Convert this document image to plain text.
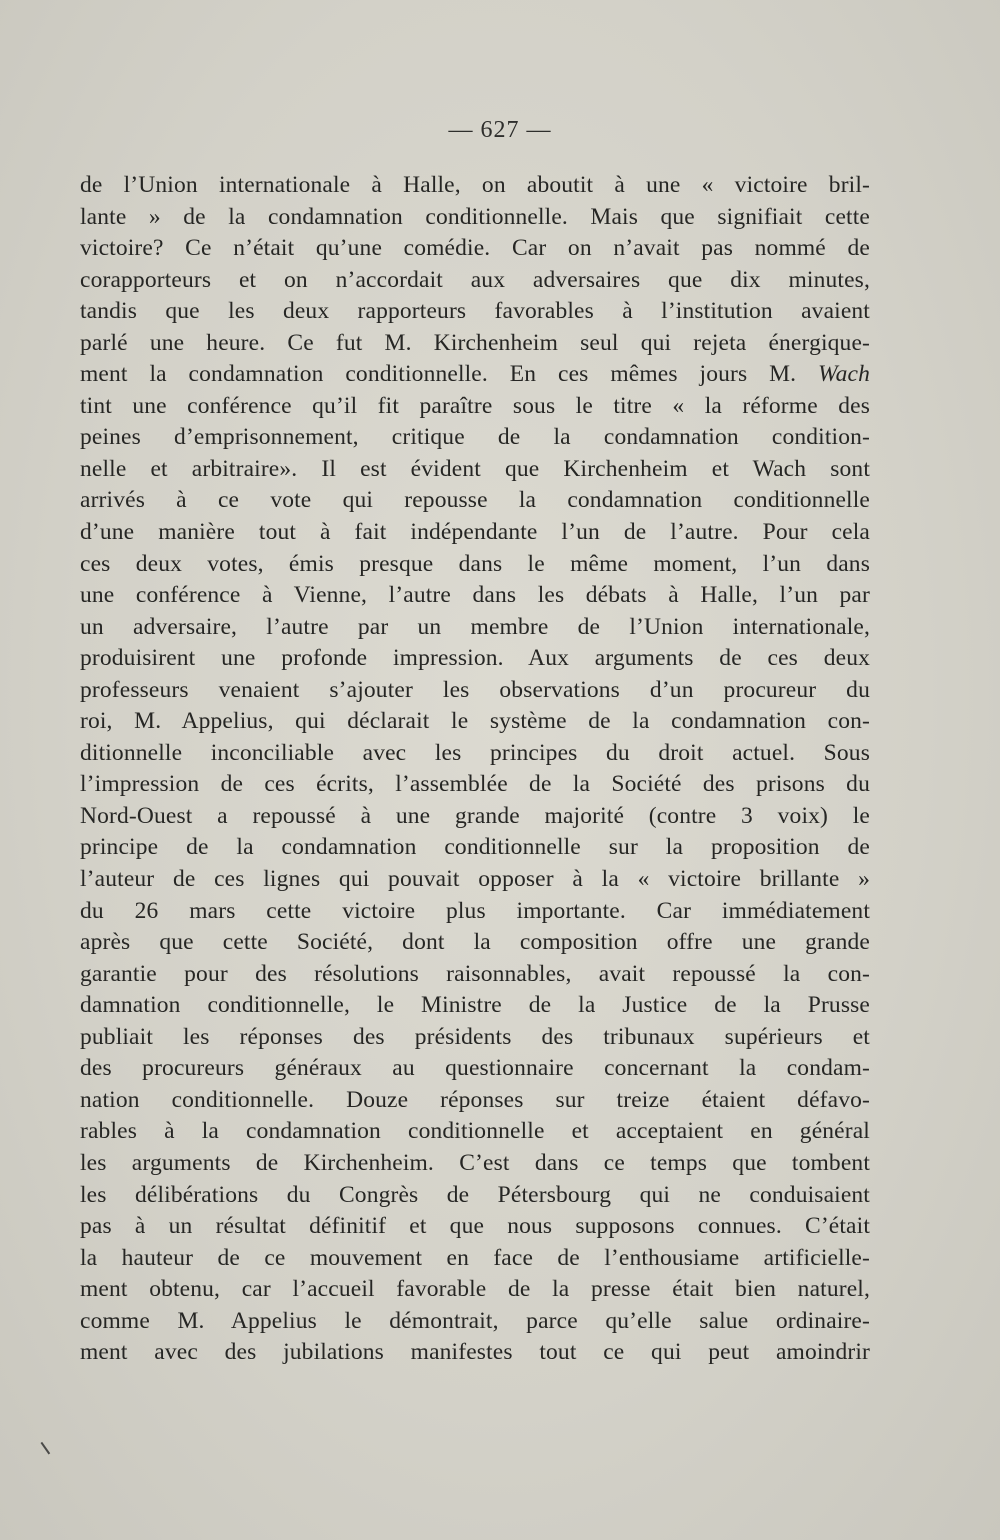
— 627 —
de l’Union internationale à Halle, on aboutit à une « victoire bril-
lante » de la condamnation conditionnelle. Mais que signifiait cette
victoire? Ce n’était qu’une comédie. Car on n’avait pas nommé de
corapporteurs et on n’accordait aux adversaires que dix minutes,
tandis que les deux rapporteurs favorables à l’institution avaient
parlé une heure. Ce fut M. Kirchenheim seul qui rejeta énergique-
ment la condamnation conditionnelle. En ces mêmes jours M. Wach
tint une conférence qu’il fit paraître sous le titre « la réforme des
peines d’emprisonnement, critique de la condamnation condition-
nelle et arbitraire». Il est évident que Kirchenheim et Wach sont
arrivés à ce vote qui repousse la condamnation conditionnelle
d’une manière tout à fait indépendante l’un de l’autre. Pour cela
ces deux votes, émis presque dans le même moment, l’un dans
une conférence à Vienne, l’autre dans les débats à Halle, l’un par
un adversaire, l’autre par un membre de l’Union internationale,
produisirent une profonde impression. Aux arguments de ces deux
professeurs venaient s’ajouter les observations d’un procureur du
roi, M. Appelius, qui déclarait le système de la condamnation con-
ditionnelle inconciliable avec les principes du droit actuel. Sous
l’impression de ces écrits, l’assemblée de la Société des prisons du
Nord-Ouest a repoussé à une grande majorité (contre 3 voix) le
principe de la condamnation conditionnelle sur la proposition de
l’auteur de ces lignes qui pouvait opposer à la « victoire brillante »
du 26 mars cette victoire plus importante. Car immédiatement
après que cette Société, dont la composition offre une grande
garantie pour des résolutions raisonnables, avait repoussé la con-
damnation conditionnelle, le Ministre de la Justice de la Prusse
publiait les réponses des présidents des tribunaux supérieurs et
des procureurs généraux au questionnaire concernant la condam-
nation conditionnelle. Douze réponses sur treize étaient défavo-
rables à la condamnation conditionnelle et acceptaient en général
les arguments de Kirchenheim. C’est dans ce temps que tombent
les délibérations du Congrès de Pétersbourg qui ne conduisaient
pas à un résultat définitif et que nous supposons connues. C’était
la hauteur de ce mouvement en face de l’enthousiame artificielle-
ment obtenu, car l’accueil favorable de la presse était bien naturel,
comme M. Appelius le démontrait, parce qu’elle salue ordinaire-
ment avec des jubilations manifestes tout ce qui peut amoindrir
